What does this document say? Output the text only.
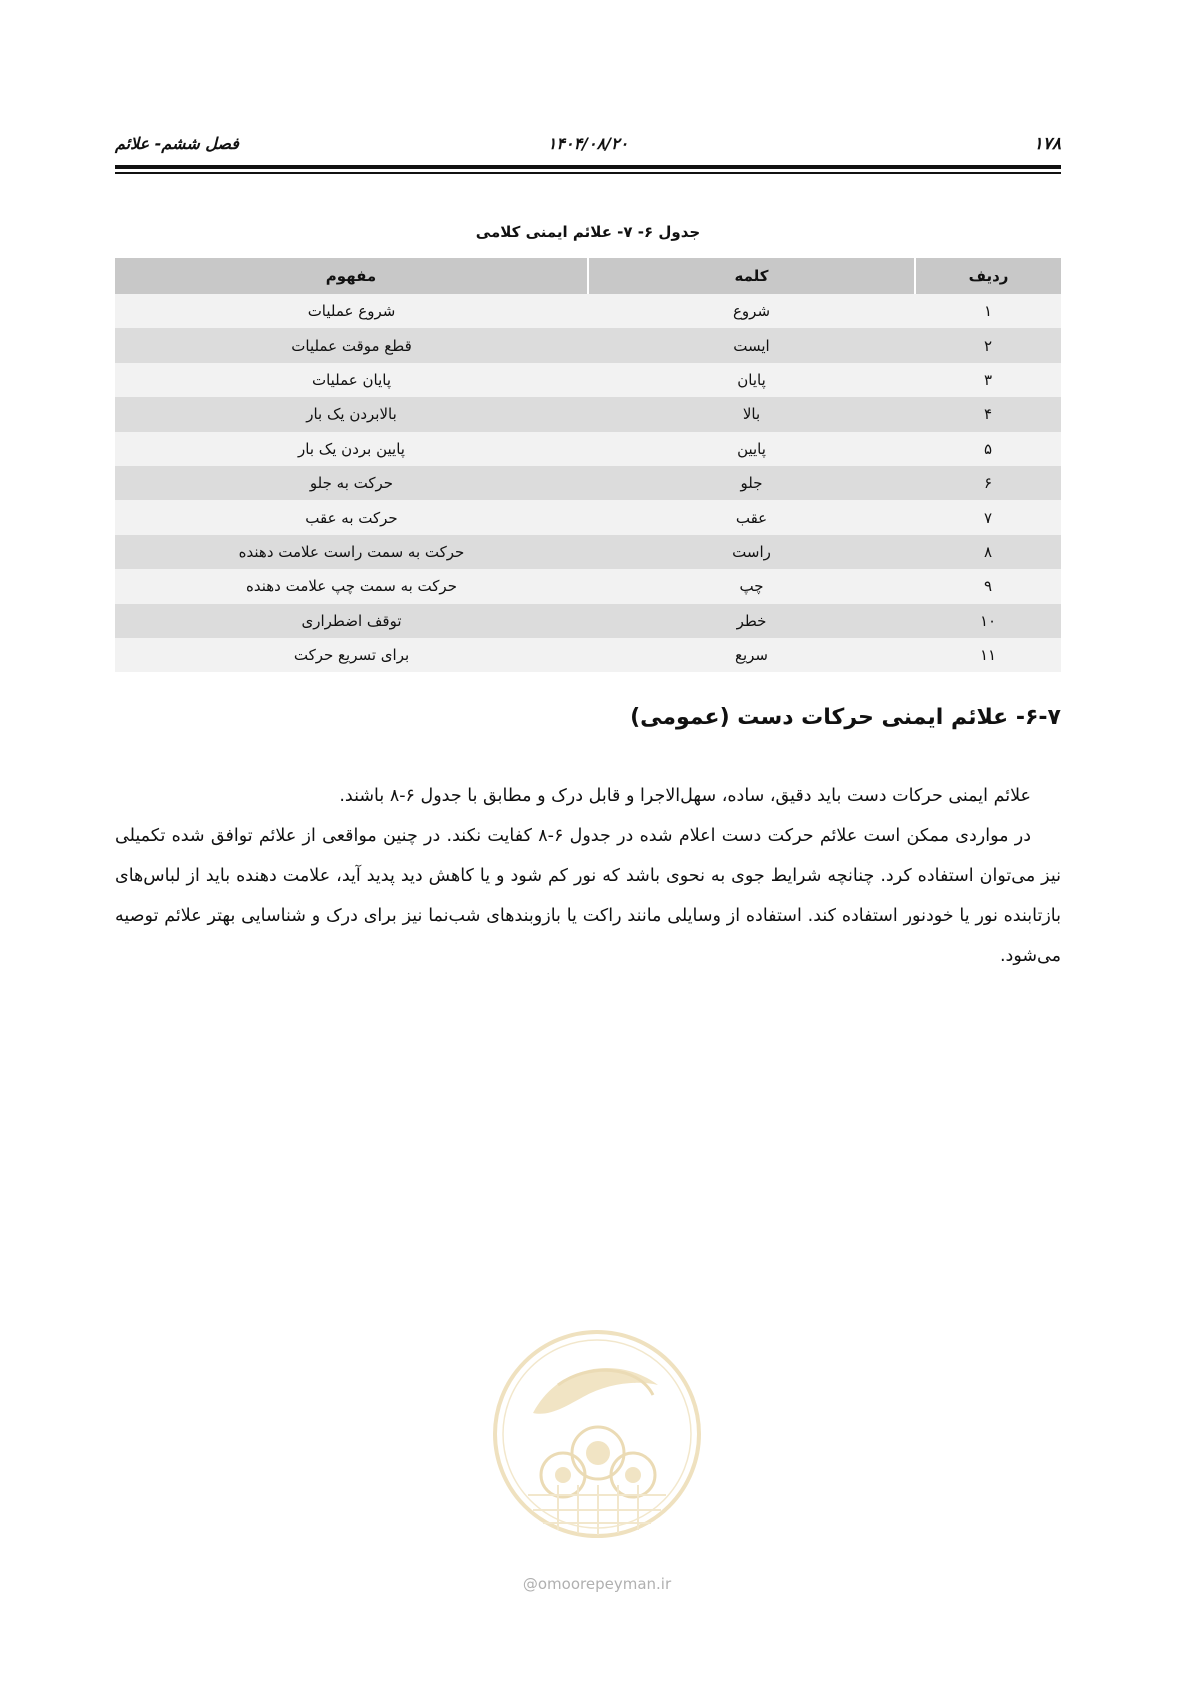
۱۷۸
۱۴۰۴/۰۸/۲۰
فصل ششم- علائم
جدول ۶- ۷- علائم ایمنی کلامی
ردیف	کلمه	مفهوم
۱	شروع	شروع عملیات
۲	ایست	قطع موقت عملیات
۳	پایان	پایان عملیات
۴	بالا	بالابردن یک بار
۵	پایین	پایین بردن یک بار
۶	جلو	حرکت به جلو
۷	عقب	حرکت به عقب
۸	راست	حرکت به سمت راست علامت دهنده
۹	چپ	حرکت به سمت چپ علامت دهنده
۱۰	خطر	توقف اضطراری
۱۱	سریع	برای تسریع حرکت
۶-۷- علائم ایمنی حرکات دست (عمومی)

علائم ایمنی حرکات دست باید دقیق، ساده، سهل‌الاجرا و قابل درک و مطابق با جدول ۶-۸ باشند.

در مواردی ممکن است علائم حرکت دست اعلام شده در جدول ۶-۸ کفایت نکند. در چنین مواقعی از علائم توافق شده تکمیلی نیز می‌توان استفاده کرد. چنانچه شرایط جوی به نحوی باشد که نور کم شود و یا کاهش دید پدید آید، علامت دهنده باید از لباس‌های بازتابنده نور یا خودنور استفاده کند. استفاده از وسایلی مانند راکت یا بازوبندهای شب‌نما نیز برای درک و شناسایی بهتر علائم توصیه می‌شود.

@omoorepeyman.ir
